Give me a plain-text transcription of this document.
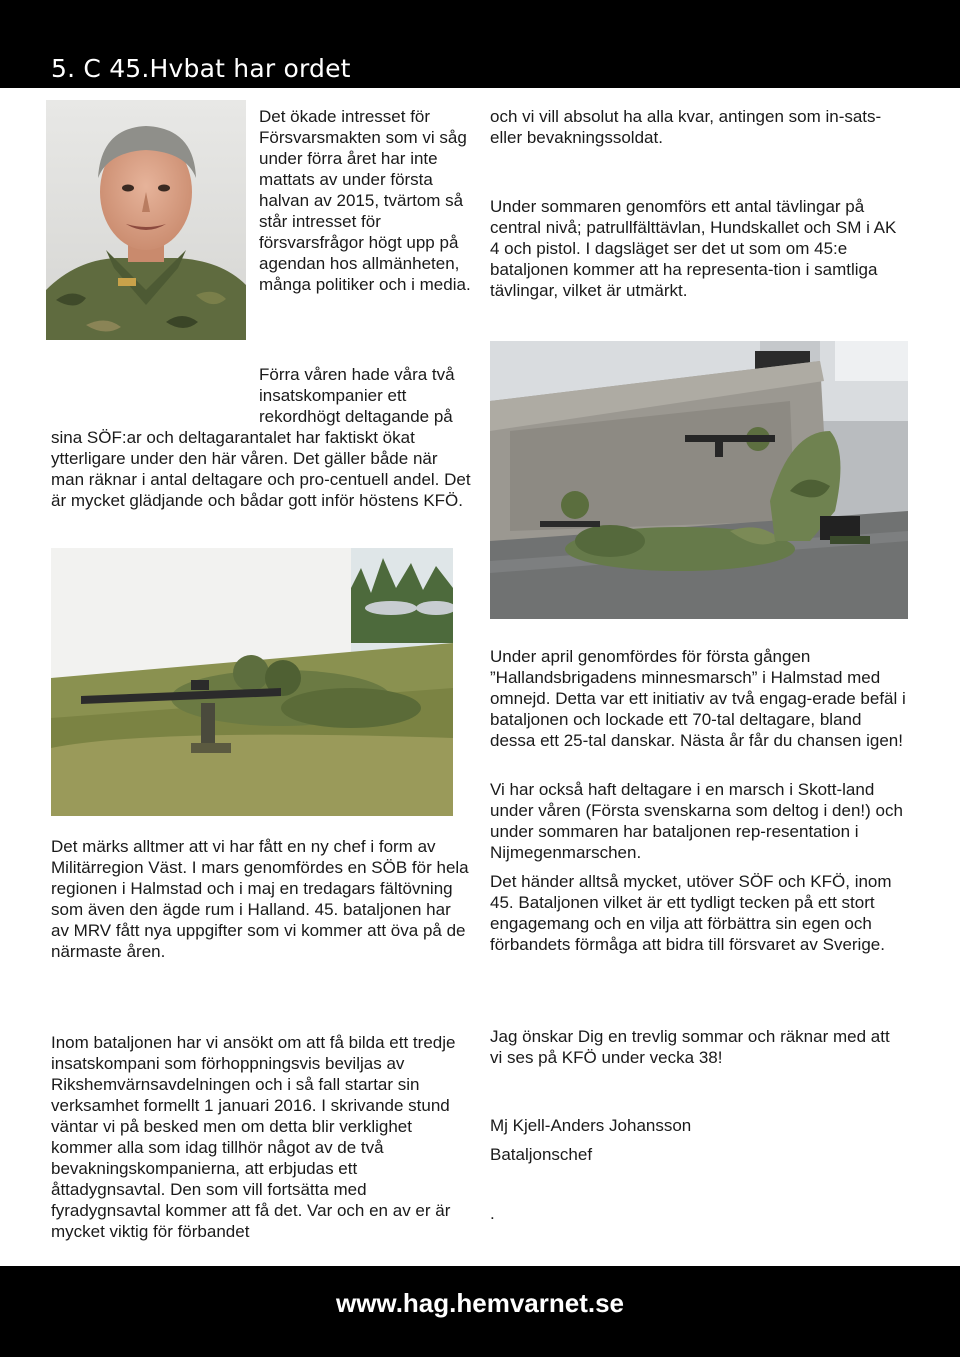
5. C 45.Hvbat har ordet

Det ökade intresset för Försvarsmakten som vi såg under förra året har inte mattats av under första halvan av 2015, tvärtom så står intresset för försvarsfrågor högt upp på agendan hos allmänheten, många politiker och i media.

och vi vill absolut ha alla kvar, antingen som in-sats- eller bevakningssoldat.

Under sommaren genomförs ett antal tävlingar på central nivå; patrullfälttävlan, Hundskallet och SM i AK 4 och pistol. I dagsläget ser det ut som om 45:e bataljonen kommer att ha representa-tion i samtliga tävlingar, vilket är utmärkt.

Förra våren hade våra två insatskompanier ett rekordhögt deltagande på sina SÖF:ar och deltagarantalet har faktiskt ökat ytterligare under den här våren. Det gäller både när man räknar i antal deltagare och pro-centuell andel. Det är mycket glädjande och bådar gott inför höstens KFÖ.

Under april genomfördes för första gången ”Hallandsbrigadens minnesmarsch” i Halmstad med omnejd. Detta var ett initiativ av två engag-erade befäl i bataljonen och lockade ett 70-tal deltagare, bland dessa ett 25-tal danskar. Nästa år får du chansen igen!

Vi har också haft deltagare i en marsch i Skott-land under våren (Första svenskarna som deltog i den!) och under sommaren har bataljonen rep-resentation i Nijmegenmarschen.

Det händer alltså mycket, utöver SÖF och KFÖ, inom 45. Bataljonen vilket är ett tydligt tecken på ett stort engagemang och en vilja att förbättra sin egen och förbandets förmåga att bidra till försvaret av Sverige.

Det märks alltmer att vi har fått en ny chef i form av Militärregion Väst. I mars genomfördes en SÖB för hela regionen i Halmstad och i maj en tredagars fältövning som även den ägde rum i Halland. 45. bataljonen har av MRV fått nya uppgifter som vi kommer att öva på de närmaste åren.

Inom bataljonen har vi ansökt om att få bilda ett tredje insatskompani som förhoppningsvis beviljas av Rikshemvärnsavdelningen och i så fall startar sin verksamhet formellt 1 januari 2016. I skrivande stund väntar vi på besked men om detta blir verklighet kommer alla som idag tillhör något av de två bevakningskompanierna, att erbjudas ett åttadygnsavtal. Den som vill fortsätta med fyradygnsavtal kommer att få det. Var och en av er är mycket viktig för förbandet

Jag önskar Dig en trevlig sommar och räknar med att vi ses på KFÖ under vecka 38!

Mj Kjell-Anders Johansson

Bataljonschef

.

www.hag.hemvarnet.se
